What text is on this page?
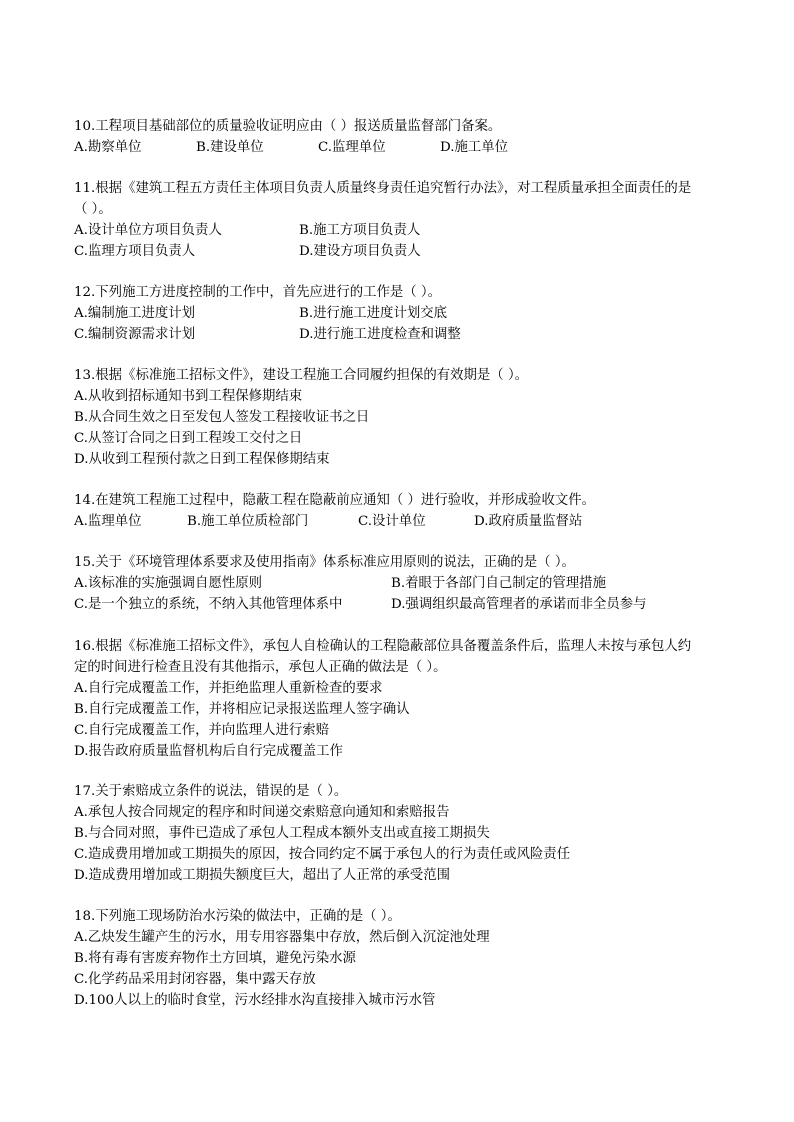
10.工程项目基础部位的质量验收证明应由（ ）报送质量监督部门备案。
A.勘察单位	B.建设单位	C.监理单位	D.施工单位
11.根据《建筑工程五方责任主体项目负责人质量终身责任追究暂行办法》，对工程质量承担全面责任的是
（ ）。
A.设计单位方项目负责人	B.施工方项目负责人
C.监理方项目负责人	D.建设方项目负责人
12.下列施工方进度控制的工作中，首先应进行的工作是（ ）。
A.编制施工进度计划	B.进行施工进度计划交底
C.编制资源需求计划	D.进行施工进度检查和调整
13.根据《标准施工招标文件》，建设工程施工合同履约担保的有效期是（ ）。
A.从收到招标通知书到工程保修期结束
B.从合同生效之日至发包人签发工程接收证书之日
C.从签订合同之日到工程竣工交付之日
D.从收到工程预付款之日到工程保修期结束
14.在建筑工程施工过程中，隐蔽工程在隐蔽前应通知（ ）进行验收，并形成验收文件。
A.监理单位	B.施工单位质检部门	C.设计单位	D.政府质量监督站
15.关于《环境管理体系要求及使用指南》体系标准应用原则的说法，正确的是（ ）。
A.该标准的实施强调自愿性原则	B.着眼于各部门自己制定的管理措施
C.是一个独立的系统，不纳入其他管理体系中	D.强调组织最高管理者的承诺而非全员参与
16.根据《标准施工招标文件》，承包人自检确认的工程隐蔽部位具备覆盖条件后，监理人未按与承包人约
定的时间进行检查且没有其他指示，承包人正确的做法是（ ）。
A.自行完成覆盖工作，并拒绝监理人重新检查的要求
B.自行完成覆盖工作，并将相应记录报送监理人签字确认
C.自行完成覆盖工作，并向监理人进行索赔
D.报告政府质量监督机构后自行完成覆盖工作
17.关于索赔成立条件的说法，错误的是（ ）。
A.承包人按合同规定的程序和时间递交索赔意向通知和索赔报告
B.与合同对照，事件已造成了承包人工程成本额外支出或直接工期损失
C.造成费用增加或工期损失的原因，按合同约定不属于承包人的行为责任或风险责任
D.造成费用增加或工期损失额度巨大，超出了人正常的承受范围
18.下列施工现场防治水污染的做法中，正确的是（ ）。
A.乙炔发生罐产生的污水，用专用容器集中存放，然后倒入沉淀池处理
B.将有毒有害废弃物作土方回填，避免污染水源
C.化学药品采用封闭容器，集中露天存放
D.100人以上的临时食堂，污水经排水沟直接排入城市污水管
